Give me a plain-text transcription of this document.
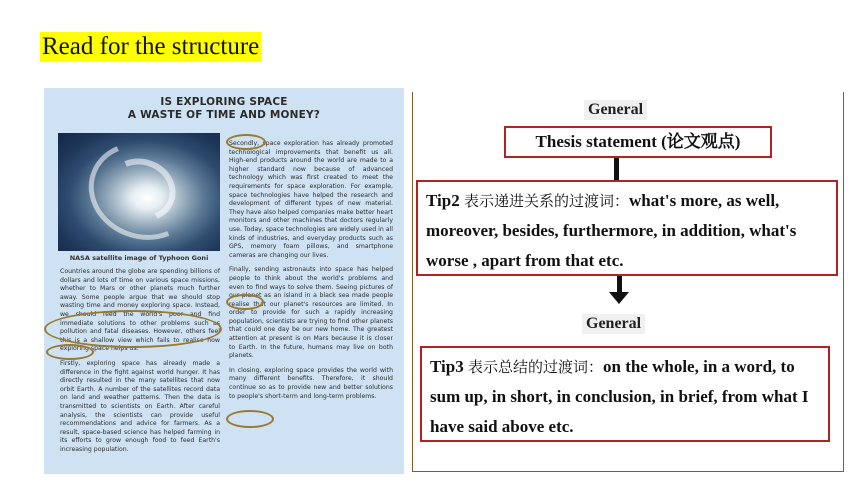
Read for the structure
IS EXPLORING SPACE
A WASTE OF TIME AND MONEY?
NASA satellite image of Typhoon Goni

Countries around the globe are spending billions of dollars and lots of time on various space missions, whether to Mars or other planets much further away. Some people argue that we should stop wasting time and money exploring space. Instead, we should feed the world's poor and find immediate solutions to other problems such as pollution and fatal diseases. However, others feel this is a shallow view which fails to realise how exploring space helps us.

Firstly, exploring space has already made a difference in the fight against world hunger. It has directly resulted in the many satellites that now orbit Earth. A number of the satellites record data on land and weather patterns. Then the data is transmitted to scientists on Earth. After careful analysis, the scientists can provide useful recommendations and advice for farmers. As a result, space-based science has helped farming in its efforts to grow enough food to feed Earth's increasing population.

Secondly, space exploration has already promoted technological improvements that benefit us all. High-end products around the world are made to a higher standard now because of advanced technology which was first created to meet the requirements for space exploration. For example, space technologies have helped the research and development of different types of new material. They have also helped companies make better heart monitors and other machines that doctors regularly use. Today, space technologies are widely used in all kinds of industries, and everyday products such as GPS, memory foam pillows, and smartphone cameras are changing our lives.

Finally, sending astronauts into space has helped people to think about the world's problems and even to find ways to solve them. Seeing pictures of our planet as an island in a black sea made people realise that our planet's resources are limited. In order to provide for such a rapidly increasing population, scientists are trying to find other planets that could one day be our new home. The greatest attention at present is on Mars because it is closer to Earth. In the future, humans may live on both planets.

In closing, exploring space provides the world with many different benefits. Therefore, it should continue so as to provide new and better solutions to people's short-term and long-term problems.

General
Thesis statement (论文观点)
Tip2 表示递进关系的过渡词：what's more, as well, moreover, besides, furthermore, in addition, what's worse , apart from that etc.
General
Tip3 表示总结的过渡词：on the whole, in a word, to sum up, in short, in conclusion, in brief, from what I have said above etc.
